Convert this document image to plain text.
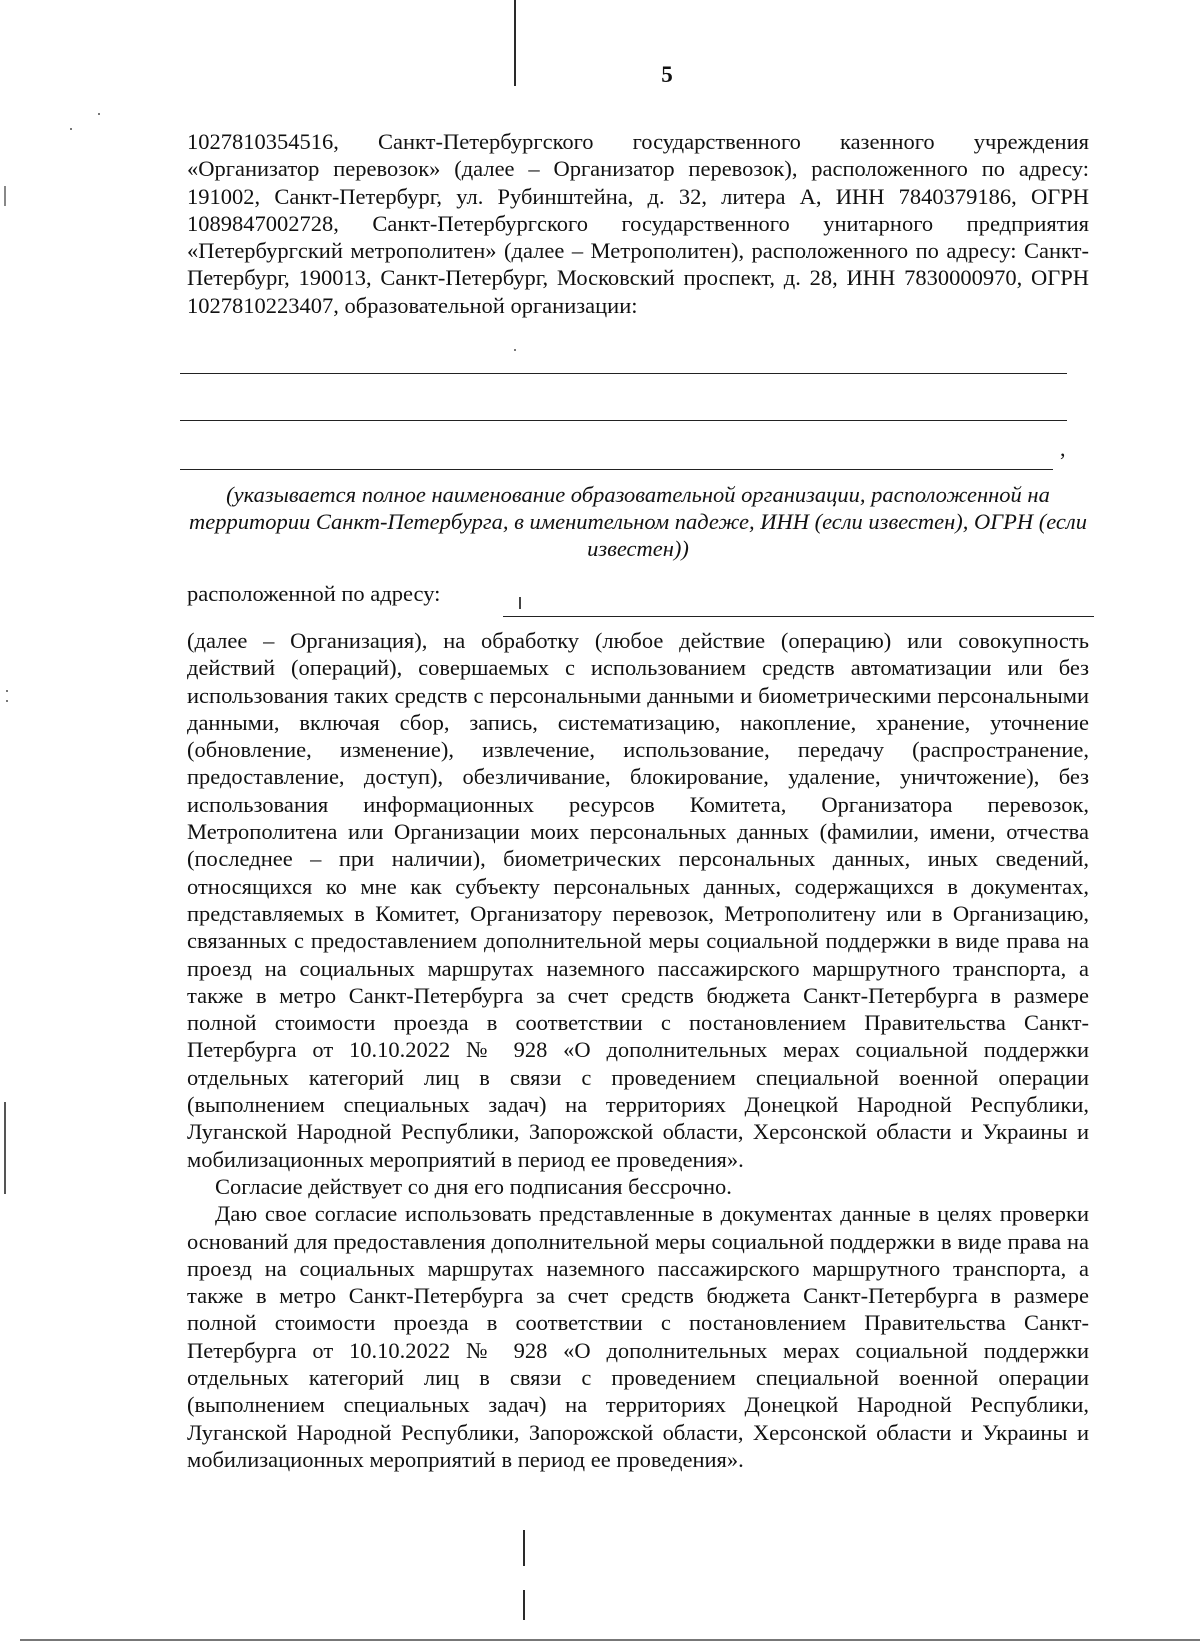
5
1027810354516, Санкт-Петербургского государственного казенного учреждения «Организатор перевозок» (далее – Организатор перевозок), расположенного по адресу: 191002, Санкт-Петербург, ул. Рубинштейна, д. 32, литера А, ИНН 7840379186, ОГРН 1089847002728, Санкт-Петербургского государственного унитарного предприятия «Петербургский метрополитен» (далее – Метрополитен), расположенного по адресу: Санкт-Петербург, 190013, Санкт-Петербург, Московский проспект, д. 28, ИНН 7830000970, ОГРН 1027810223407, образовательной организации:
,
(указывается полное наименование образовательной организации, расположенной на территории Санкт-Петербурга, в именительном падеже, ИНН (если известен), ОГРН (если известен))
расположенной по адресу:

(далее – Организация), на обработку (любое действие (операцию) или совокупность действий (операций), совершаемых с использованием средств автоматизации или без использования таких средств с персональными данными и биометрическими персональными данными, включая сбор, запись, систематизацию, накопление, хранение, уточнение (обновление, изменение), извлечение, использование, передачу (распространение, предоставление, доступ), обезличивание, блокирование, удаление, уничтожение), без использования информационных ресурсов Комитета, Организатора перевозок, Метрополитена или Организации моих персональных данных (фамилии, имени, отчества (последнее – при наличии), биометрических персональных данных, иных сведений, относящихся ко мне как субъекту персональных данных, содержащихся в документах, представляемых в Комитет, Организатору перевозок, Метрополитену или в Организацию, связанных с предоставлением дополнительной меры социальной поддержки в виде права на проезд на социальных маршрутах наземного пассажирского маршрутного транспорта, а также в метро Санкт-Петербурга за счет средств бюджета Санкт-Петербурга в размере полной стоимости проезда в соответствии с постановлением Правительства Санкт-Петербурга от 10.10.2022 № 928 «О дополнительных мерах социальной поддержки отдельных категорий лиц в связи с проведением специальной военной операции (выполнением специальных задач) на территориях Донецкой Народной Республики, Луганской Народной Республики, Запорожской области, Херсонской области и Украины и мобилизационных мероприятий в период ее проведения».

Согласие действует со дня его подписания бессрочно.

Даю свое согласие использовать представленные в документах данные в целях проверки оснований для предоставления дополнительной меры социальной поддержки в виде права на проезд на социальных маршрутах наземного пассажирского маршрутного транспорта, а также в метро Санкт-Петербурга за счет средств бюджета Санкт-Петербурга в размере полной стоимости проезда в соответствии с постановлением Правительства Санкт-Петербурга от 10.10.2022 № 928 «О дополнительных мерах социальной поддержки отдельных категорий лиц в связи с проведением специальной военной операции (выполнением специальных задач) на территориях Донецкой Народной Республики, Луганской Народной Республики, Запорожской области, Херсонской области и Украины и мобилизационных мероприятий в период ее проведения».
